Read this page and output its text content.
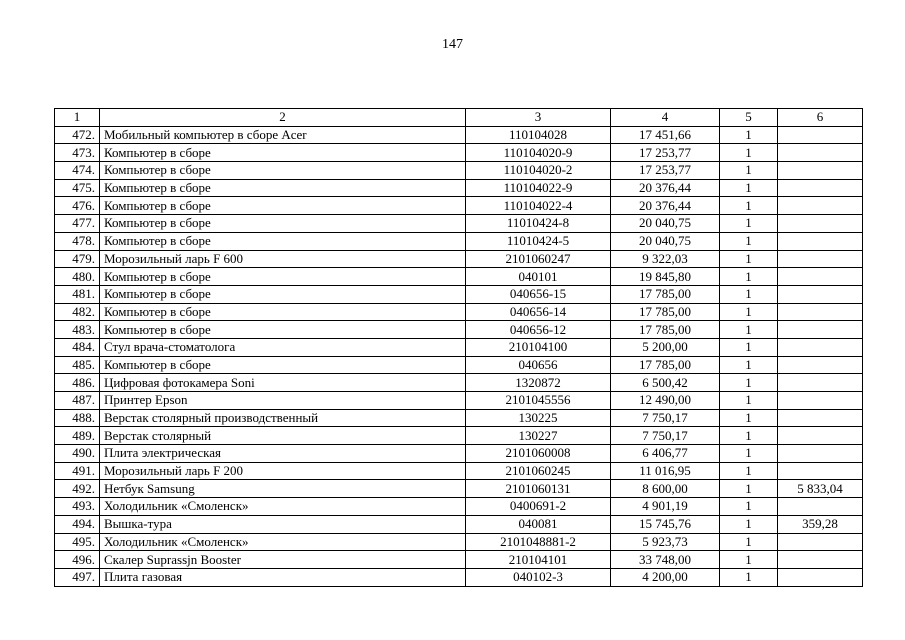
147
1	2	3	4	5	6
472.	Мобильный компьютер в сборе Acer	110104028	17 451,66	1	
473.	Компьютер в сборе	110104020-9	17 253,77	1	
474.	Компьютер в сборе	110104020-2	17 253,77	1	
475.	Компьютер в сборе	110104022-9	20 376,44	1	
476.	Компьютер в сборе	110104022-4	20 376,44	1	
477.	Компьютер в сборе	11010424-8	20 040,75	1	
478.	Компьютер в сборе	11010424-5	20 040,75	1	
479.	Морозильный ларь F 600	2101060247	9 322,03	1	
480.	Компьютер в сборе	040101	19 845,80	1	
481.	Компьютер в сборе	040656-15	17 785,00	1	
482.	Компьютер в сборе	040656-14	17 785,00	1	
483.	Компьютер в сборе	040656-12	17 785,00	1	
484.	Стул врача-стоматолога	210104100	5 200,00	1	
485.	Компьютер в сборе	040656	17 785,00	1	
486.	Цифровая фотокамера Soni	1320872	6 500,42	1	
487.	Принтер Epson	2101045556	12 490,00	1	
488.	Верстак столярный производственный	130225	7 750,17	1	
489.	Верстак столярный	130227	7 750,17	1	
490.	Плита электрическая	2101060008	6 406,77	1	
491.	Морозильный ларь F 200	2101060245	11 016,95	1	
492.	Нетбук Samsung	2101060131	8 600,00	1	5 833,04
493.	Холодильник «Смоленск»	0400691-2	4 901,19	1	
494.	Вышка-тура	040081	15 745,76	1	359,28
495.	Холодильник «Смоленск»	2101048881-2	5 923,73	1	
496.	Скалер Suprassjn Booster	210104101	33 748,00	1	
497.	Плита газовая	040102-3	4 200,00	1	
